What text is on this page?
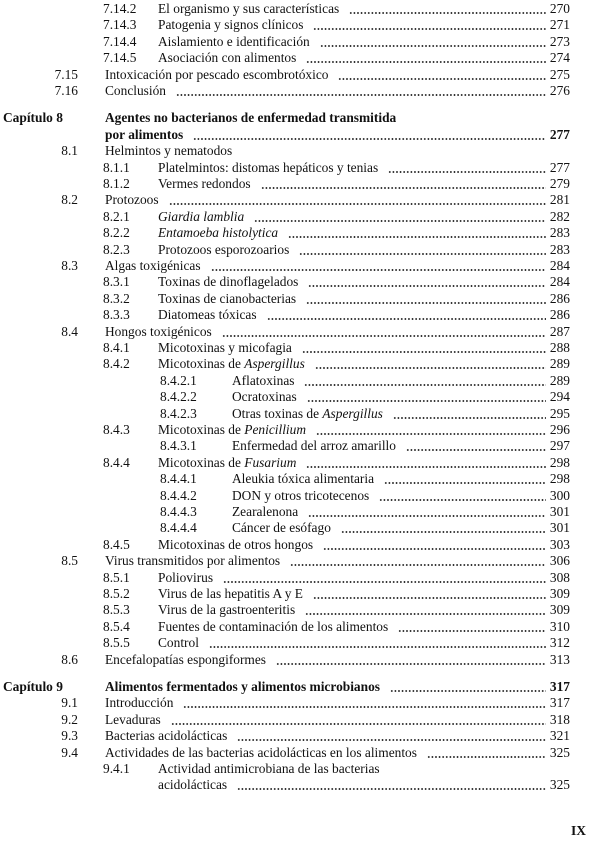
7.14.2 El organismo y sus características	270
7.14.3 Patogenia y signos clínicos	271
7.14.4 Aislamiento e identificación	273
7.14.5 Asociación con alimentos	274
7.15 Intoxicación por pescado escombrotóxico	275
7.16 Conclusión	276
Capítulo 8	Agentes no bacterianos de enfermedad transmitida
por alimentos	277
8.1 Helmintos y nematodos
8.1.1 Platelmintos: distomas hepáticos y tenias	277
8.1.2 Vermes redondos	279
8.2 Protozoos	281
8.2.1 Giardia lamblia	282
8.2.2 Entamoeba histolytica	283
8.2.3 Protozoos esporozoarios	283
8.3 Algas toxigénicas	284
8.3.1 Toxinas de dinoflagelados	284
8.3.2 Toxinas de cianobacterias	286
8.3.3 Diatomeas tóxicas	286
8.4 Hongos toxigénicos	287
8.4.1 Micotoxinas y micofagia	288
8.4.2 Micotoxinas de Aspergillus	289
8.4.2.1	Aflatoxinas	289
8.4.2.2	Ocratoxinas	294
8.4.2.3	Otras toxinas de Aspergillus	295
8.4.3 Micotoxinas de Penicillium	296
8.4.3.1	Enfermedad del arroz amarillo	297
8.4.4 Micotoxinas de Fusarium	298
8.4.4.1	Aleukia tóxica alimentaria	298
8.4.4.2	DON y otros tricotecenos	300
8.4.4.3	Zearalenona	301
8.4.4.4	Cáncer de esófago	301
8.4.5 Micotoxinas de otros hongos	303
8.5 Virus transmitidos por alimentos	306
8.5.1 Poliovirus	308
8.5.2 Virus de las hepatitis A y E	309
8.5.3 Virus de la gastroenteritis	309
8.5.4 Fuentes de contaminación de los alimentos	310
8.5.5 Control	312
8.6 Encefalopatías espongiformes	313
Capítulo 9	Alimentos fermentados y alimentos microbianos	317
9.1 Introducción	317
9.2 Levaduras	318
9.3 Bacterias acidolácticas	321
9.4 Actividades de las bacterias acidolácticas en los alimentos	325
9.4.1 Actividad antimicrobiana de las bacterias
acidolácticas	325
IX
